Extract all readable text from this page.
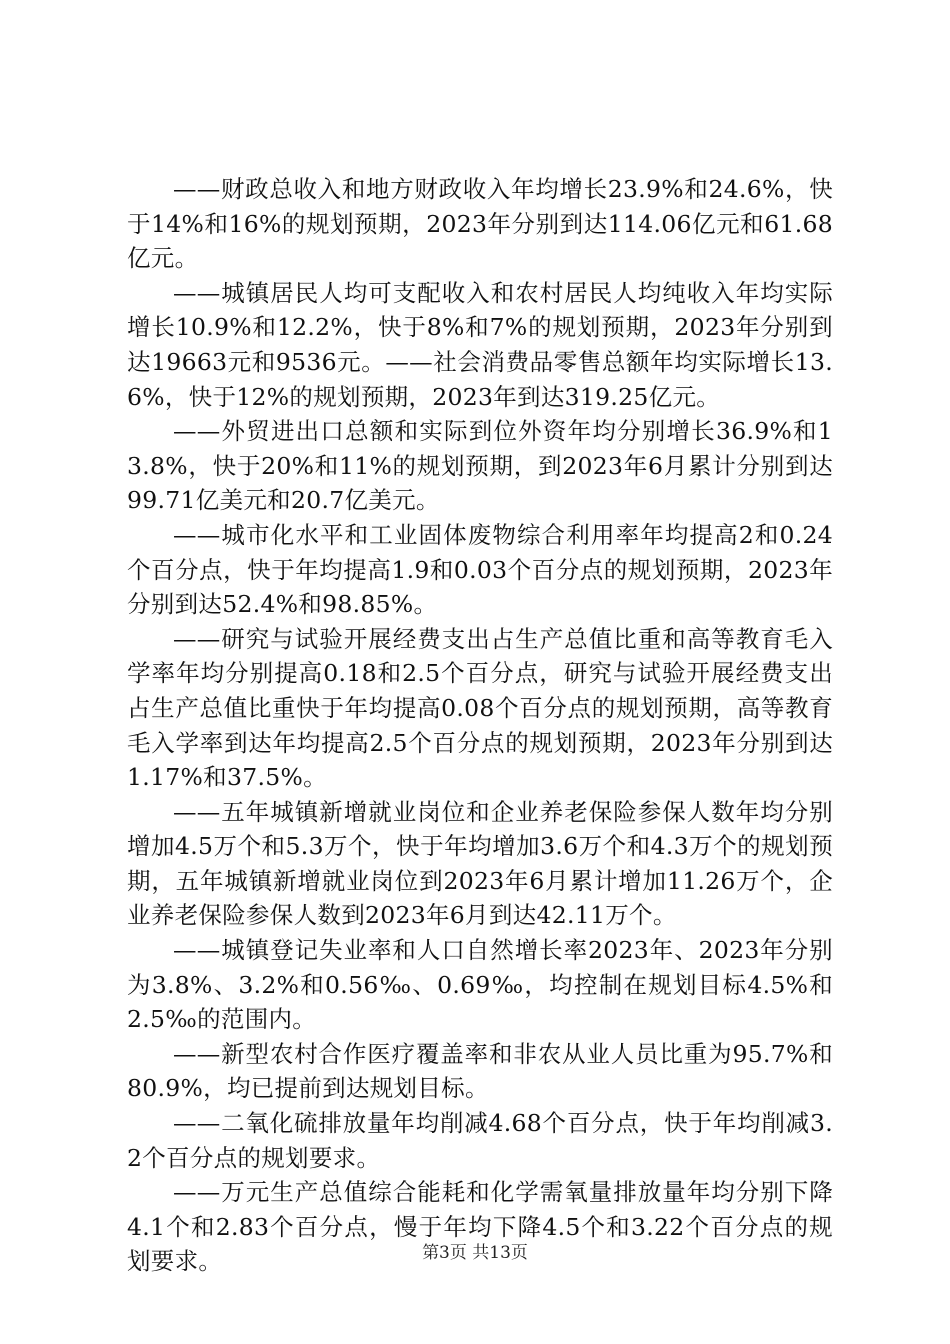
——财政总收入和地方财政收入年均增长23.9%和24.6%，快于14%和16%的规划预期，2023年分别到达114.06亿元和61.68亿元。

——城镇居民人均可支配收入和农村居民人均纯收入年均实际增长10.9%和12.2%，快于8%和7%的规划预期，2023年分别到达19663元和9536元。——社会消费品零售总额年均实际增长13.6%，快于12%的规划预期，2023年到达319.25亿元。

——外贸进出口总额和实际到位外资年均分别增长36.9%和13.8%，快于20%和11%的规划预期，到2023年6月累计分别到达99.71亿美元和20.7亿美元。

——城市化水平和工业固体废物综合利用率年均提高2和0.24个百分点，快于年均提高1.9和0.03个百分点的规划预期，2023年分别到达52.4%和98.85%。

——研究与试验开展经费支出占生产总值比重和高等教育毛入学率年均分别提高0.18和2.5个百分点，研究与试验开展经费支出占生产总值比重快于年均提高0.08个百分点的规划预期，高等教育毛入学率到达年均提高2.5个百分点的规划预期，2023年分别到达1.17%和37.5%。

——五年城镇新增就业岗位和企业养老保险参保人数年均分别增加4.5万个和5.3万个，快于年均增加3.6万个和4.3万个的规划预期，五年城镇新增就业岗位到2023年6月累计增加11.26万个，企业养老保险参保人数到2023年6月到达42.11万个。

——城镇登记失业率和人口自然增长率2023年、2023年分别为3.8%、3.2%和0.56‰、0.69‰，均控制在规划目标4.5%和2.5‰的范围内。

——新型农村合作医疗覆盖率和非农从业人员比重为95.7%和80.9%，均已提前到达规划目标。

——二氧化硫排放量年均削减4.68个百分点，快于年均削减3.2个百分点的规划要求。

——万元生产总值综合能耗和化学需氧量排放量年均分别下降4.1个和2.83个百分点，慢于年均下降4.5个和3.22个百分点的规划要求。	第3页 共13页
